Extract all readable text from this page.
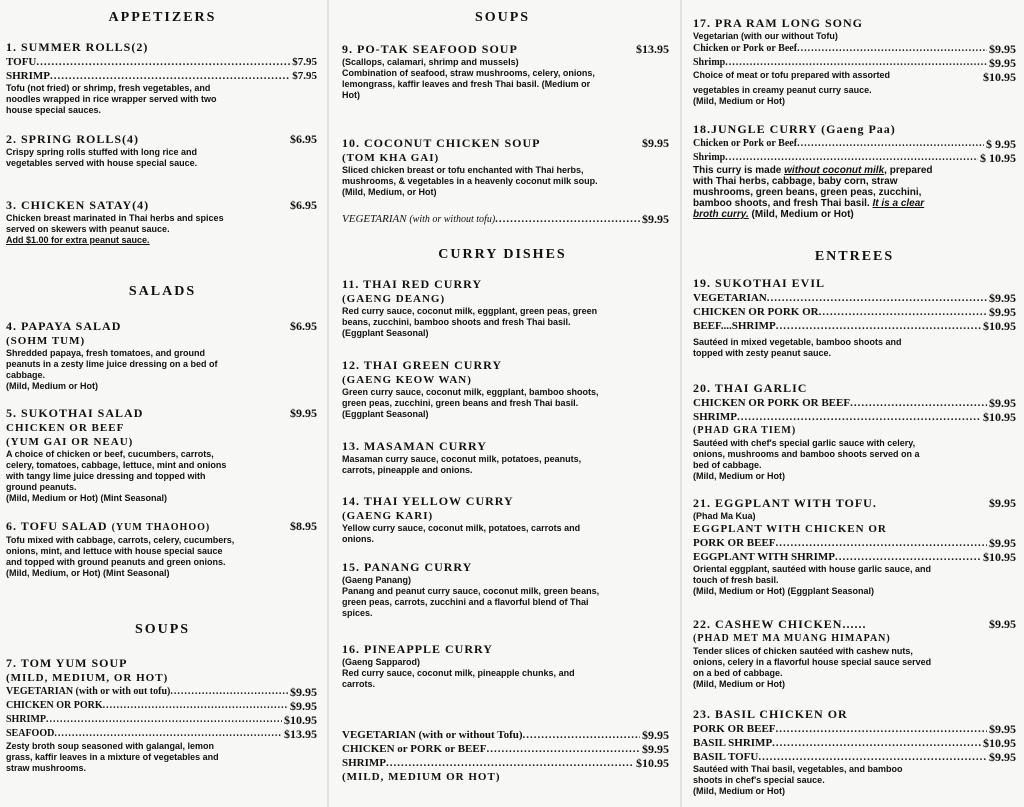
APPETIZERS
1. SUMMER ROLLS(2)
TOFU .....	$7.95
SHRIMP .....	$7.95
Tofu (not fried) or shrimp, fresh vegetables, and noodles wrapped in rice wrapper served with two house special sauces.
2. SPRING ROLLS(4)	$6.95
Crispy spring rolls stuffed with long rice and vegetables served with house special sauce.
3. CHICKEN SATAY(4)	$6.95
Chicken breast marinated in Thai herbs and spices served on skewers with peanut sauce.
Add $1.00 for extra peanut sauce.
SALADS
4. PAPAYA SALAD	$6.95
(SOHM TUM)
Shredded papaya, fresh tomatoes, and ground peanuts in a zesty lime juice dressing on a bed of cabbage.
(Mild, Medium or Hot)
5. SUKOTHAI SALAD	$9.95
CHICKEN OR BEEF
(YUM GAI OR NEAU)
A choice of chicken or beef, cucumbers, carrots, celery, tomatoes, cabbage, lettuce, mint and onions with tangy lime juice dressing and topped with ground peanuts.
(Mild, Medium or Hot) (Mint Seasonal)
6. TOFU SALAD (YUM THAOHOO)	$8.95
Tofu mixed with cabbage, carrots, celery, cucumbers, onions, mint, and lettuce with house special sauce and topped with ground peanuts and green onions.
(Mild, Medium, or Hot) (Mint Seasonal)
SOUPS
7. TOM YUM SOUP
(MILD, MEDIUM, OR HOT)
VEGETARIAN (with or with out tofu) .....	$9.95
CHICKEN OR PORK .....	$9.95
SHRIMP .....	$10.95
SEAFOOD .....	$13.95
Zesty broth soup seasoned with galangal, lemon grass, kaffir leaves in a mixture of vegetables and straw mushrooms.
SOUPS
9. PO-TAK SEAFOOD SOUP	$13.95
(Scallops, calamari, shrimp and mussels)
Combination of seafood, straw mushrooms, celery, onions, lemongrass, kaffir leaves and fresh Thai basil. (Medium or Hot)
10. COCONUT CHICKEN SOUP	$9.95
(TOM KHA GAI)
Sliced chicken breast or tofu enchanted with Thai herbs, mushrooms, & vegetables in a heavenly coconut milk soup. (Mild, Medium, or Hot)
VEGETARIAN (with or without tofu) .....	$9.95
CURRY DISHES
11. THAI RED CURRY
(GAENG DEANG)
Red curry sauce, coconut milk, eggplant, green peas, green beans, zucchini, bamboo shoots and fresh Thai basil. (Eggplant Seasonal)
12. THAI GREEN CURRY
(GAENG KEOW WAN)
Green curry sauce, coconut milk, eggplant, bamboo shoots, green peas, zucchini, green beans and fresh Thai basil. (Eggplant Seasonal)
13. MASAMAN CURRY
Masaman curry sauce, coconut milk, potatoes, peanuts, carrots, pineapple and onions.
14. THAI YELLOW CURRY
(GAENG KARI)
Yellow curry sauce, coconut milk, potatoes, carrots and onions.
15. PANANG CURRY
(Gaeng Panang)
Panang and peanut curry sauce, coconut milk, green beans, green peas, carrots, zucchini and a flavorful blend of Thai spices.
16. PINEAPPLE CURRY
(Gaeng Sapparod)
Red curry sauce, coconut milk, pineapple chunks, and carrots.
VEGETARIAN (with or without Tofu) .....	$9.95
CHICKEN or PORK or BEEF .....	$9.95
SHRIMP .....	$10.95
(MILD, MEDIUM OR HOT)
17. PRA RAM LONG SONG
Vegetarian (with our without Tofu)
Chicken or Pork or Beef .....	$9.95
Shrimp .....	$9.95
Choice of meat or tofu prepared with assorted	$10.95
vegetables in creamy peanut curry sauce.
(Mild, Medium or Hot)
18.JUNGLE CURRY (Gaeng Paa)
Chicken or Pork or Beef .....	$ 9.95
Shrimp .....	$ 10.95
This curry is made without coconut milk, prepared with Thai herbs, cabbage, baby corn, straw mushrooms, green beans, green peas, zucchini, bamboo shoots, and fresh Thai basil. It is a clear broth curry. (Mild, Medium or Hot)
ENTREES
19. SUKOTHAI EVIL
VEGETARIAN .....	$9.95
CHICKEN OR PORK OR .....	$9.95
BEEF....SHRIMP .....	$10.95
Sautéed in mixed vegetable, bamboo shoots and topped with zesty peanut sauce.
20. THAI GARLIC
CHICKEN OR PORK OR BEEF .....	$9.95
SHRIMP .....	$10.95
(PHAD GRA TIEM)
Sautéed with chef's special garlic sauce with celery, onions, mushrooms and bamboo shoots served on a bed of cabbage.
(Mild, Medium or Hot)
21. EGGPLANT WITH TOFU.	$9.95
(Phad Ma Kua)
EGGPLANT WITH CHICKEN OR
PORK OR BEEF .....	$9.95
EGGPLANT WITH SHRIMP .....	$10.95
Oriental eggplant, sautéed with house garlic sauce, and touch of fresh basil.
(Mild, Medium or Hot) (Eggplant Seasonal)
22. CASHEW CHICKEN......	$9.95
(PHAD MET MA MUANG HIMAPAN)
Tender slices of chicken sautéed with cashew nuts, onions, celery in a flavorful house special sauce served on a bed of cabbage.
(Mild, Medium or Hot)
23. BASIL CHICKEN OR
PORK OR BEEF .....	$9.95
BASIL SHRIMP .....	$10.95
BASIL TOFU .....	$9.95
Sautéed with Thai basil, vegetables, and bamboo shoots in chef's special sauce.
(Mild, Medium or Hot)
